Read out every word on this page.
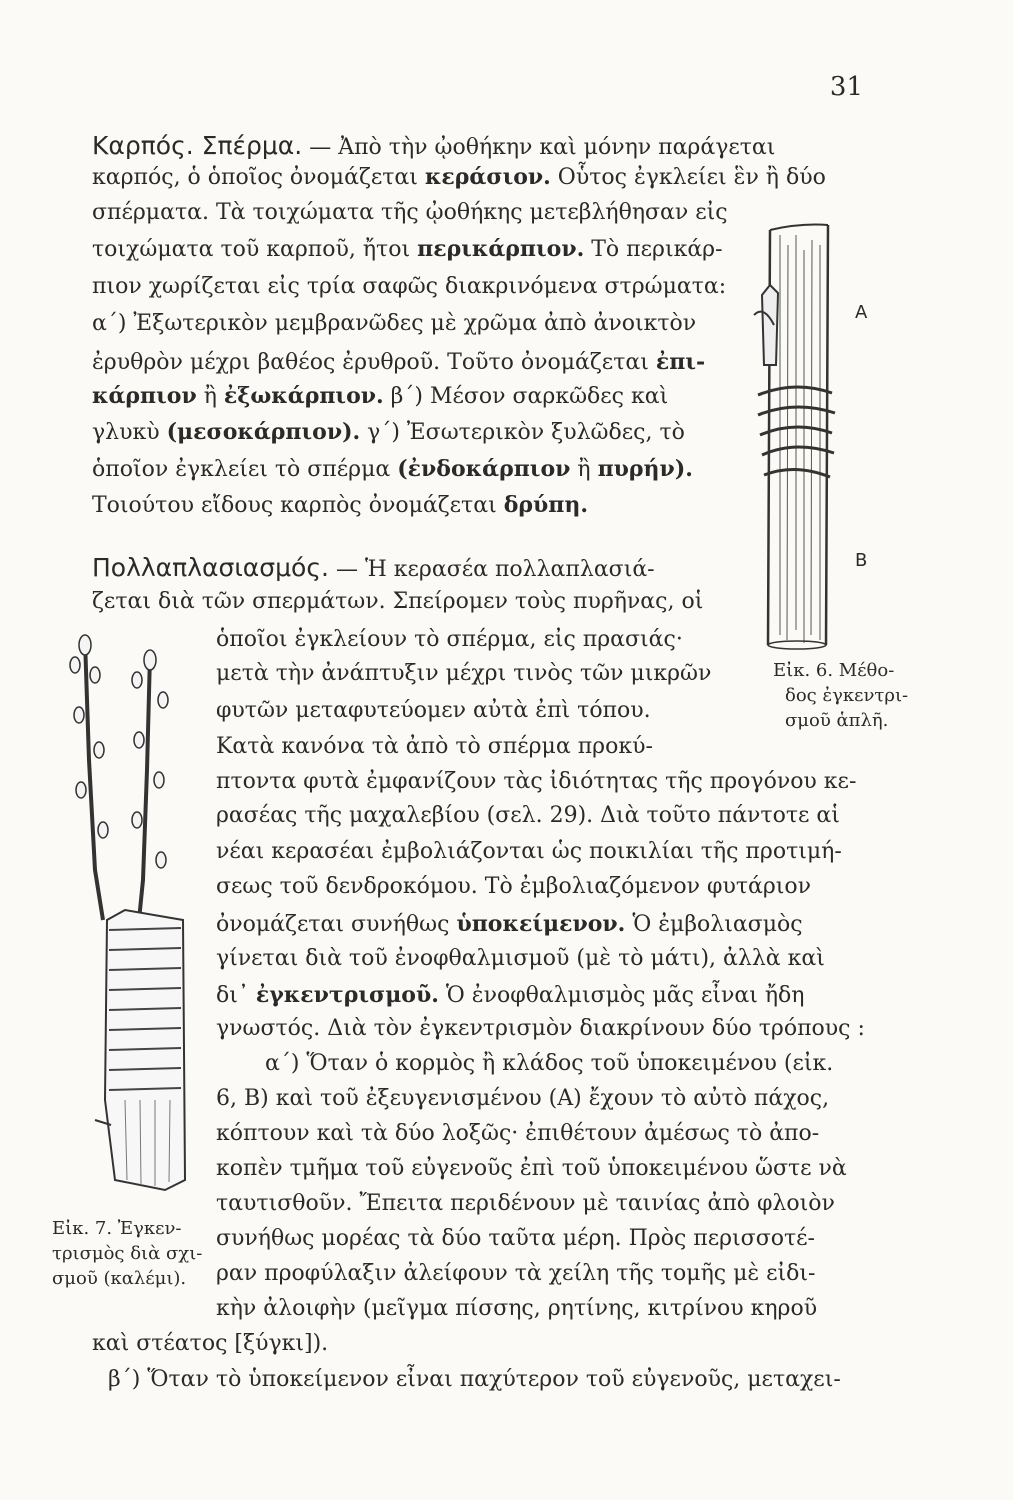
31
Καρπός. Σπέρμα. — Ἀπὸ τὴν ᾠοθήκην καὶ μόνην παράγεται
καρπός, ὁ ὁποῖος ὀνομάζεται κεράσιον. Οὗτος ἐγκλείει ἓν ἢ δύο
σπέρματα. Τὰ τοιχώματα τῆς ᾠοθήκης μετεβλήθησαν εἰς
τοιχώματα τοῦ καρποῦ, ἤτοι περικάρπιον. Τὸ περικάρ-
πιον χωρίζεται εἰς τρία σαφῶς διακρινόμενα στρώματα:
α΄) Ἐξωτερικὸν μεμβρανῶδες μὲ χρῶμα ἀπὸ ἀνοικτὸν
ἐρυθρὸν μέχρι βαθέος ἐρυθροῦ. Τοῦτο ὀνομάζεται ἐπι-
κάρπιον ἢ ἐξωκάρπιον. β΄) Μέσον σαρκῶδες καὶ
γλυκὺ (μεσοκάρπιον). γ΄) Ἐσωτερικὸν ξυλῶδες, τὸ
ὁποῖον ἐγκλείει τὸ σπέρμα (ἐνδοκάρπιον ἢ πυρήν).
Τοιούτου εἴδους καρπὸς ὀνομάζεται δρύπη.
Πολλαπλασιασμός. — Ἡ κερασέα πολλαπλασιά-
ζεται διὰ τῶν σπερμάτων. Σπείρομεν τοὺς πυρῆνας, οἱ
ὁποῖοι ἐγκλείουν τὸ σπέρμα, εἰς πρασιάς·
μετὰ τὴν ἀνάπτυξιν μέχρι τινὸς τῶν μικρῶν
φυτῶν μεταφυτεύομεν αὐτὰ ἐπὶ τόπου.
Κατὰ κανόνα τὰ ἀπὸ τὸ σπέρμα προκύ-
πτοντα φυτὰ ἐμφανίζουν τὰς ἰδιότητας τῆς προγόνου κε-
ρασέας τῆς μαχαλεβίου (σελ. 29). Διὰ τοῦτο πάντοτε αἱ
νέαι κερασέαι ἐμβολιάζονται ὡς ποικιλίαι τῆς προτιμή-
σεως τοῦ δενδροκόμου. Τὸ ἐμβολιαζόμενον φυτάριον
ὀνομάζεται συνήθως ὑποκείμενον. Ὁ ἐμβολιασμὸς
γίνεται διὰ τοῦ ἐνοφθαλμισμοῦ (μὲ τὸ μάτι), ἀλλὰ καὶ
δι᾽ ἐγκεντρισμοῦ. Ὁ ἐνοφθαλμισμὸς μᾶς εἶναι ἤδη
γνωστός. Διὰ τὸν ἐγκεντρισμὸν διακρίνουν δύο τρόπους :
α΄) Ὅταν ὁ κορμὸς ἢ κλάδος τοῦ ὑποκειμένου (εἰκ.
6, Β) καὶ τοῦ ἐξευγενισμένου (Α) ἔχουν τὸ αὐτὸ πάχος,
κόπτουν καὶ τὰ δύο λοξῶς· ἐπιθέτουν ἀμέσως τὸ ἀπο-
κοπὲν τμῆμα τοῦ εὐγενοῦς ἐπὶ τοῦ ὑποκειμένου ὥστε νὰ
ταυτισθοῦν. Ἔπειτα περιδένουν μὲ ταινίας ἀπὸ φλοιὸν
συνήθως μορέας τὰ δύο ταῦτα μέρη. Πρὸς περισσοτέ-
ραν προφύλαξιν ἀλείφουν τὰ χείλη τῆς τομῆς μὲ εἰδι-
κὴν ἀλοιφὴν (μεῖγμα πίσσης, ρητίνης, κιτρίνου κηροῦ
καὶ στέατος [ξύγκι]).
β΄) Ὅταν τὸ ὑποκείμενον εἶναι παχύτερον τοῦ εὐγενοῦς, μεταχει-
A
B
Εἰκ. 6. Μέθο-
δος ἐγκεντρι-
σμοῦ ἁπλῆ.
Εἰκ. 7. Ἐγκεν-
τρισμὸς διὰ σχι-
σμοῦ (καλέμι).
